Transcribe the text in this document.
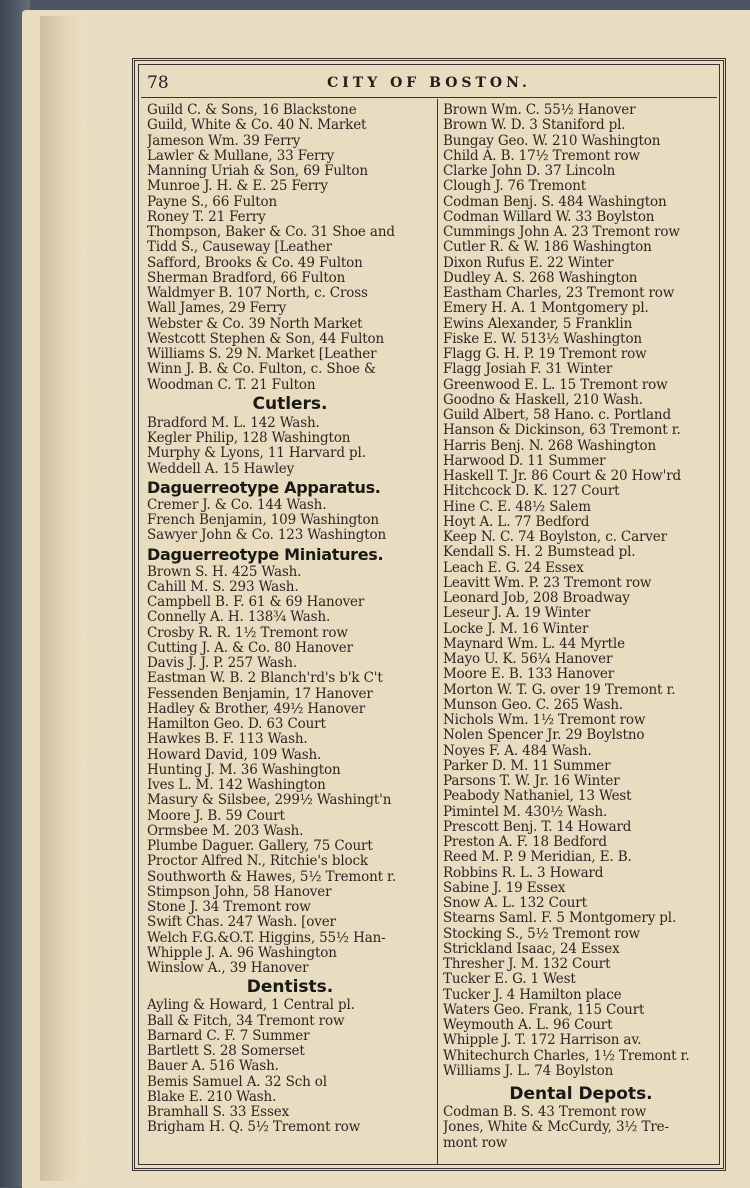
78	CITY OF BOSTON.
Guild C. & Sons, 16 Blackstone
Guild, White & Co. 40 N. Market
Jameson Wm. 39 Ferry
Lawler & Mullane, 33 Ferry
Manning Uriah & Son, 69 Fulton
Munroe J. H. & E. 25 Ferry
Payne S., 66 Fulton
Roney T. 21 Ferry
Thompson, Baker & Co. 31 Shoe and
Tidd S., Causeway [Leather
Safford, Brooks & Co. 49 Fulton
Sherman Bradford, 66 Fulton
Waldmyer B. 107 North, c. Cross
Wall James, 29 Ferry
Webster & Co. 39 North Market
Westcott Stephen & Son, 44 Fulton
Williams S. 29 N. Market [Leather
Winn J. B. & Co. Fulton, c. Shoe &
Woodman C. T. 21 Fulton
Cutlers.
Bradford M. L. 142 Wash.
Kegler Philip, 128 Washington
Murphy & Lyons, 11 Harvard pl.
Weddell A. 15 Hawley
Daguerreotype Apparatus.
Cremer J. & Co. 144 Wash.
French Benjamin, 109 Washington
Sawyer John & Co. 123 Washington
Daguerreotype Miniatures.
Brown S. H. 425 Wash.
Cahill M. S. 293 Wash.
Campbell B. F. 61 & 69 Hanover
Connelly A. H. 138¾ Wash.
Crosby R. R. 1½ Tremont row
Cutting J. A. & Co. 80 Hanover
Davis J. J. P. 257 Wash.
Eastman W. B. 2 Blanch'rd's b'k C't
Fessenden Benjamin, 17 Hanover
Hadley & Brother, 49½ Hanover
Hamilton Geo. D. 63 Court
Hawkes B. F. 113 Wash.
Howard David, 109 Wash.
Hunting J. M. 36 Washington
Ives L. M. 142 Washington
Masury & Silsbee, 299½ Washingt'n
Moore J. B. 59 Court
Ormsbee M. 203 Wash.
Plumbe Daguer. Gallery, 75 Court
Proctor Alfred N., Ritchie's block
Southworth & Hawes, 5½ Tremont r.
Stimpson John, 58 Hanover
Stone J. 34 Tremont row
Swift Chas. 247 Wash. [over
Welch F.G.&O.T. Higgins, 55½ Han-
Whipple J. A. 96 Washington
Winslow A., 39 Hanover
Dentists.
Ayling & Howard, 1 Central pl.
Ball & Fitch, 34 Tremont row
Barnard C. F. 7 Summer
Bartlett S. 28 Somerset
Bauer A. 516 Wash.
Bemis Samuel A. 32 Sch ol
Blake E. 210 Wash.
Bramhall S. 33 Essex
Brigham H. Q. 5½ Tremont row
Brown Wm. C. 55½ Hanover
Brown W. D. 3 Staniford pl.
Bungay Geo. W. 210 Washington
Child A. B. 17½ Tremont row
Clarke John D. 37 Lincoln
Clough J. 76 Tremont
Codman Benj. S. 484 Washington
Codman Willard W. 33 Boylston
Cummings John A. 23 Tremont row
Cutler R. & W. 186 Washington
Dixon Rufus E. 22 Winter
Dudley A. S. 268 Washington
Eastham Charles, 23 Tremont row
Emery H. A. 1 Montgomery pl.
Ewins Alexander, 5 Franklin
Fiske E. W. 513½ Washington
Flagg G. H. P. 19 Tremont row
Flagg Josiah F. 31 Winter
Greenwood E. L. 15 Tremont row
Goodno & Haskell, 210 Wash.
Guild Albert, 58 Hano. c. Portland
Hanson & Dickinson, 63 Tremont r.
Harris Benj. N. 268 Washington
Harwood D. 11 Summer
Haskell T. Jr. 86 Court & 20 How'rd
Hitchcock D. K. 127 Court
Hine C. E. 48½ Salem
Hoyt A. L. 77 Bedford
Keep N. C. 74 Boylston, c. Carver
Kendall S. H. 2 Bumstead pl.
Leach E. G. 24 Essex
Leavitt Wm. P. 23 Tremont row
Leonard Job, 208 Broadway
Leseur J. A. 19 Winter
Locke J. M. 16 Winter
Maynard Wm. L. 44 Myrtle
Mayo U. K. 56¼ Hanover
Moore E. B. 133 Hanover
Morton W. T. G. over 19 Tremont r.
Munson Geo. C. 265 Wash.
Nichols Wm. 1½ Tremont row
Nolen Spencer Jr. 29 Boylstno
Noyes F. A. 484 Wash.
Parker D. M. 11 Summer
Parsons T. W. Jr. 16 Winter
Peabody Nathaniel, 13 West
Pimintel M. 430½ Wash.
Prescott Benj. T. 14 Howard
Preston A. F. 18 Bedford
Reed M. P. 9 Meridian, E. B.
Robbins R. L. 3 Howard
Sabine J. 19 Essex
Snow A. L. 132 Court
Stearns Saml. F. 5 Montgomery pl.
Stocking S., 5½ Tremont row
Strickland Isaac, 24 Essex
Thresher J. M. 132 Court
Tucker E. G. 1 West
Tucker J. 4 Hamilton place
Waters Geo. Frank, 115 Court
Weymouth A. L. 96 Court
Whipple J. T. 172 Harrison av.
Whitechurch Charles, 1½ Tremont r.
Williams J. L. 74 Boylston
Dental Depots.
Codman B. S. 43 Tremont row
Jones, White & McCurdy, 3½ Tre-
mont row
